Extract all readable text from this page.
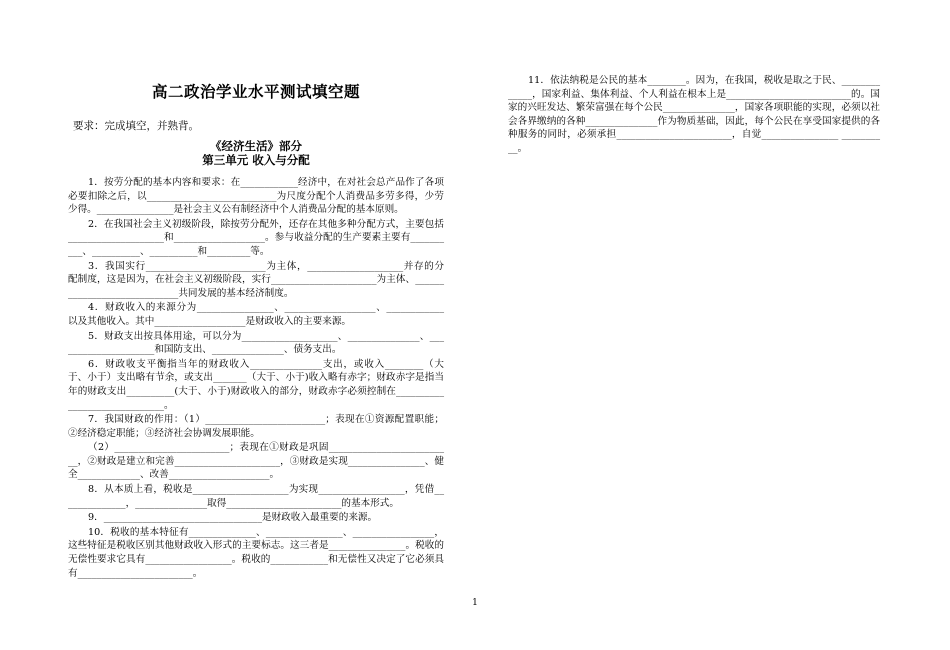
高二政治学业水平测试填空题
要求：完成填空，并熟背。
《经济生活》部分
第三单元 收入与分配

1．按劳分配的基本内容和要求：在____________经济中，在对社会总产品作了各项必要扣除之后，以___________________________为尺度分配个人消费品多劳多得，少劳少得。________________是社会主义公有制经济中个人消费品分配的基本原则。

2．在我国社会主义初级阶段，除按劳分配外，还存在其他多种分配方式，主要包括____________________和___________________。参与收益分配的生产要素主要有__________、__________、__________和_________等。

3．我国实行_________________________为主体，____________________并存的分配制度，这是因为，在社会主义初级阶段，实行______________________为主体、_____________________________共同发展的基本经济制度。

4．财政收入的来源分为________________、___________________、____________以及其他收入。其中___________________是财政收入的主要来源。

5．财政支出按具体用途，可以分为____________________、_______________、_____________________和国防支出、_______________、债务支出。

6．财政收支平衡指当年的财政收入_______________支出，或收入________（大于、小于）支出略有节余，或支出_______（大于、小于)收入略有赤字；财政赤字是指当年的财政支出__________(大于、小于)财政收入的部分，财政赤字必须控制在______________________________。

7．我国财政的作用：（1）_________________________；表现在①资源配置职能；②经济稳定职能；③经济社会协调发展职能。

（2）________________________；表现在①财政是巩固__________________________，②财政是建立和完善______________________，③财政是实现________________、健全_____________、改善_____________________。

8．从本质上看，税收是____________________为实现__________________，凭借______________，_______________取得________________________的基本形式。

9．_________________________________是财政收入最重要的来源。

10．税收的基本特征有______________、________________、_________________，这些特征是税收区别其他财政收入形式的主要标志。这三者是________________。税收的无偿性要求它具有__________________。税收的____________和无偿性又决定了它必须具有________________________。

11．依法纳税是公民的基本________。因为，在我国，税收是取之于民、_____________，国家利益、集体利益、个人利益在根本上是__________________________的。国家的兴旺发达、繁荣富强在每个公民_______________，国家各项职能的实现，必须以社会各界缴纳的各种_______________作为物质基础，因此，每个公民在享受国家提供的各种服务的同时，必须承担________________________，自觉________________ __________。

1
